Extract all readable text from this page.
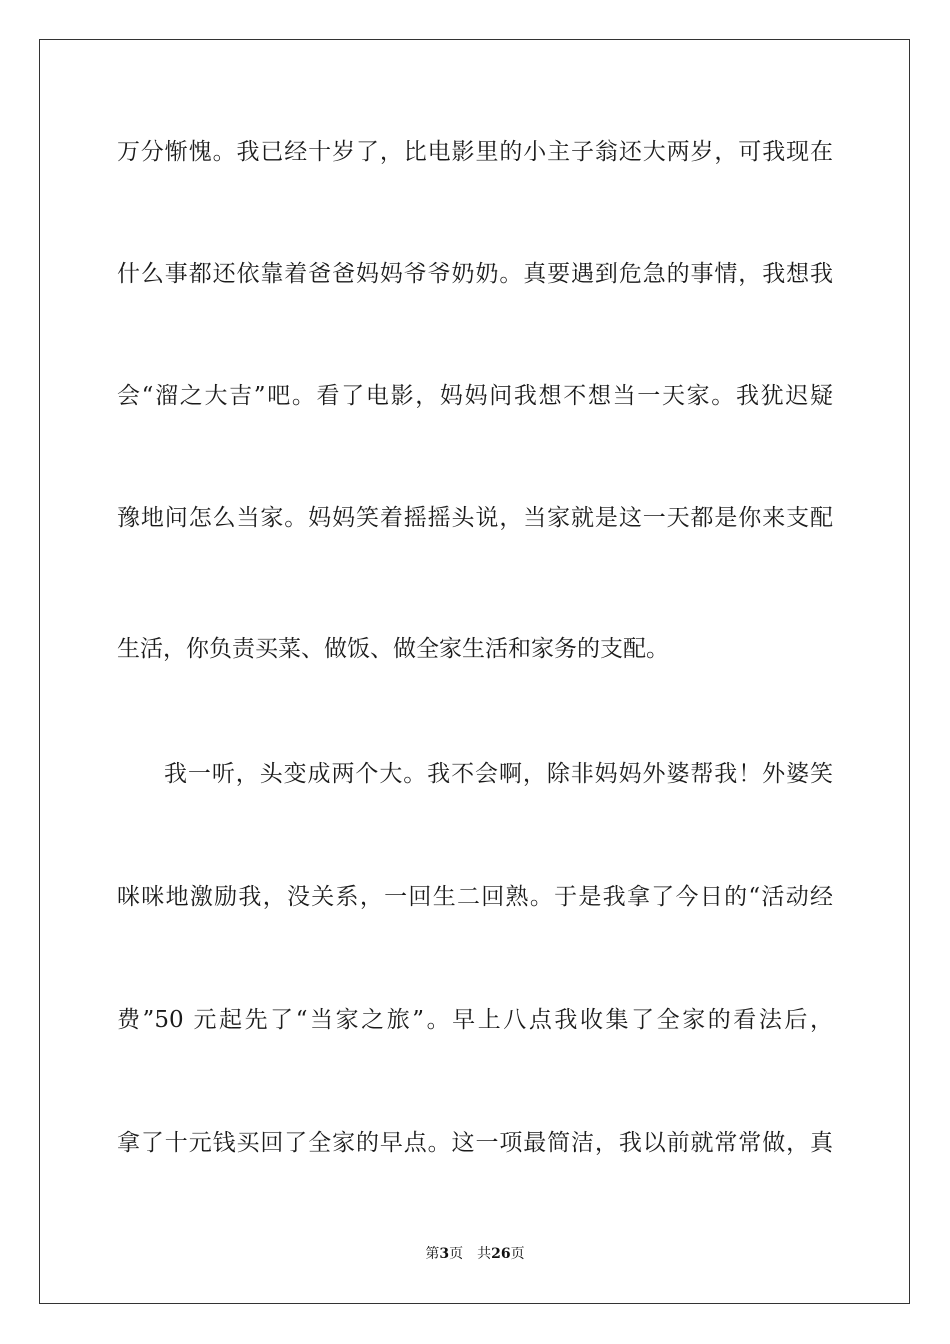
万分惭愧。我已经十岁了，比电影里的小主子翁还大两岁，可我现在
什么事都还依靠着爸爸妈妈爷爷奶奶。真要遇到危急的事情，我想我
会“溜之大吉”吧。看了电影，妈妈问我想不想当一天家。我犹迟疑
豫地问怎么当家。妈妈笑着摇摇头说，当家就是这一天都是你来支配
生活，你负责买菜、做饭、做全家生活和家务的支配。
我一听，头变成两个大。我不会啊，除非妈妈外婆帮我！外婆笑
咪咪地激励我，没关系，一回生二回熟。于是我拿了今日的“活动经
费”50 元起先了“当家之旅”。早上八点我收集了全家的看法后，
拿了十元钱买回了全家的早点。这一项最简洁，我以前就常常做，真
第3页 共26页
